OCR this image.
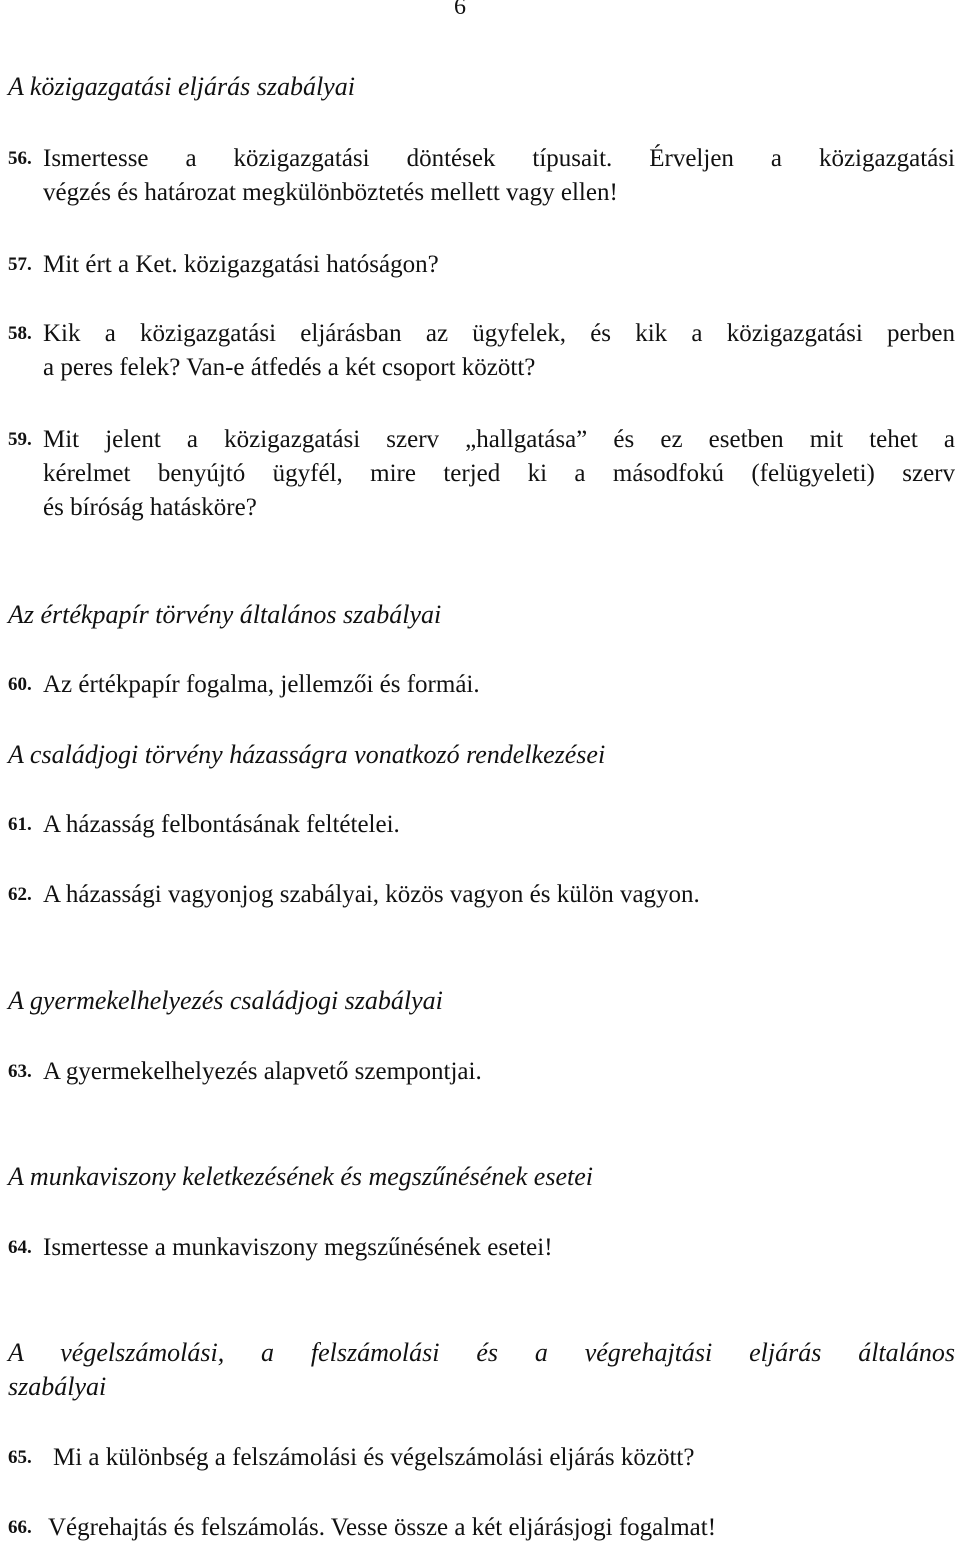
6
A közigazgatási eljárás szabályai
56. Ismertesse a közigazgatási döntések típusait. Érveljen a közigazgatási
végzés és határozat megkülönböztetés mellett vagy ellen!
57. Mit ért a Ket. közigazgatási hatóságon?
58. Kik a közigazgatási eljárásban az ügyfelek, és kik a közigazgatási perben
a peres felek? Van-e átfedés a két csoport között?
59. Mit jelent a közigazgatási szerv „hallgatása” és ez esetben mit tehet a
kérelmet benyújtó ügyfél, mire terjed ki a másodfokú (felügyeleti) szerv
és bíróság hatásköre?
Az értékpapír törvény általános szabályai
60. Az értékpapír fogalma, jellemzői és formái.
A családjogi törvény házasságra vonatkozó rendelkezései
61. A házasság felbontásának feltételei.
62. A házassági vagyonjog szabályai, közös vagyon és külön vagyon.
A gyermekelhelyezés családjogi szabályai
63. A gyermekelhelyezés alapvető szempontjai.
A munkaviszony keletkezésének és megszűnésének esetei
64. Ismertesse a munkaviszony megszűnésének esetei!
A végelszámolási, a felszámolási és a végrehajtási eljárás általános
szabályai
65. Mi a különbség a felszámolási és végelszámolási eljárás között?
66. Végrehajtás és felszámolás. Vesse össze a két eljárásjogi fogalmat!
